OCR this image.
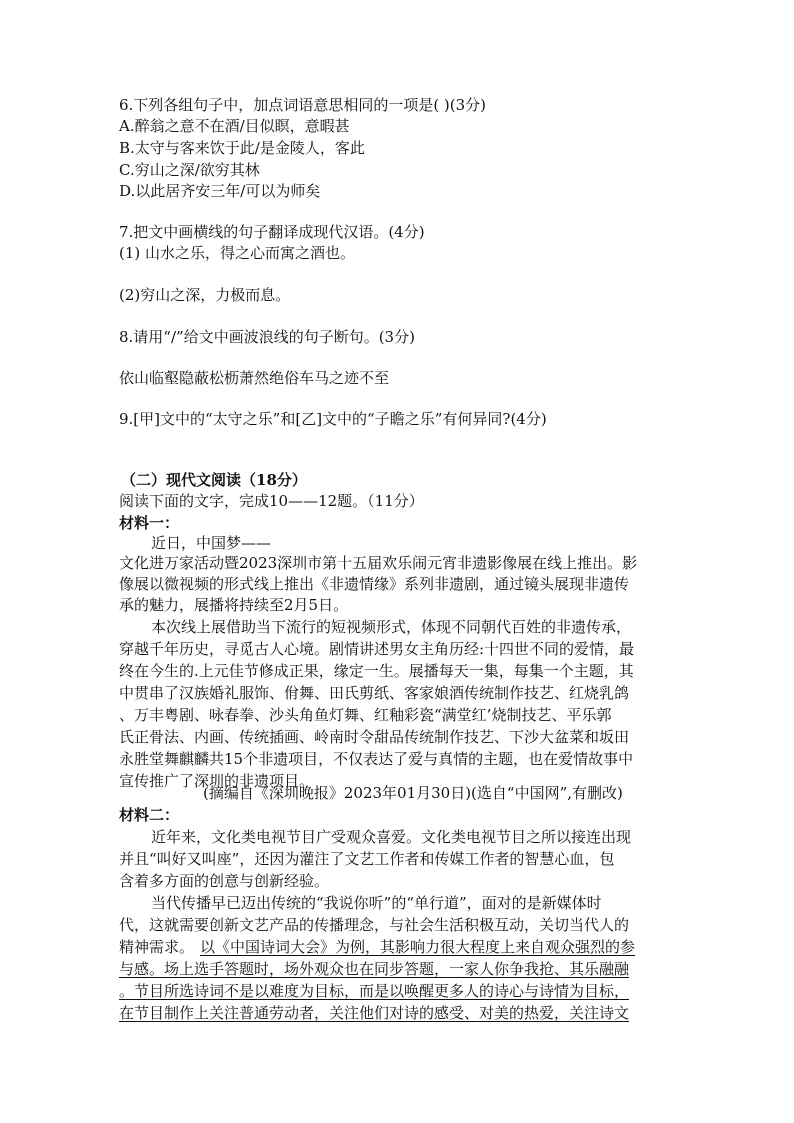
6.下列各组句子中，加点词语意思相同的一项是( )(3分)
A.醉翁之意不在酒/目似瞑，意暇甚
B.太守与客来饮于此/是金陵人，客此
C.穷山之深/欲穷其林
D.以此居齐安三年/可以为师矣
7.把文中画横线的句子翻译成现代汉语。(4分)
(1) 山水之乐，得之心而寓之酒也。
(2)穷山之深，力极而息。
8.请用“/”给文中画波浪线的句子断句。(3分)
依山临壑隐蔽松枥萧然绝俗车马之迹不至
9.[甲]文中的“太守之乐”和[乙]文中的“子瞻之乐”有何异同?(4分)
（二）现代文阅读（18分）
阅读下面的文字，完成10——12题。（11分）
材料一：
近日，中国梦——
文化进万家活动暨2023深圳市第十五届欢乐闹元宵非遗影像展在线上推出。影
像展以微视频的形式线上推出《非遗情缘》系列非遗剧，通过镜头展现非遗传
承的魅力，展播将持续至2月5日。
本次线上展借助当下流行的短视频形式，体现不同朝代百姓的非遗传承，
穿越千年历史，寻觅古人心境。剧情讲述男女主角历经:十四世不同的爱情，最
终在今生的.上元佳节修成正果，缘定一生。展播每天一集，每集一个主题，其
中贯串了汉族婚礼服饰、佾舞、田氏剪纸、客家娘酒传统制作技艺、红烧乳鸽
、万丰粤剧、咏春拳、沙头角鱼灯舞、红釉彩瓷“满堂红’烧制技艺、平乐郭
氏正骨法、内画、传统插画、岭南时令甜品传统制作技艺、下沙大盆菜和坂田
永胜堂舞麒麟共15个非遗项目，不仅表达了爱与真情的主题，也在爱情故事中
宣传推广了深圳的非遗项目。
(摘编自《深圳晚报》2023年01月30日)(选自“中国网”,有删改)
材料二：
近年来，文化类电视节目广受观众喜爱。文化类电视节目之所以接连出现
并且“叫好又叫座”，还因为灌注了文艺工作者和传媒工作者的智慧心血，包
含着多方面的创意与创新经验。
当代传播早已迈出传统的“我说你听”的“单行道”，面对的是新媒体时
代，这就需要创新文艺产品的传播理念，与社会生活积极互动，关切当代人的
精神需求。 以《中国诗词大会》为例，其影响力很大程度上来自观众强烈的参
与感。场上选手答题时，场外观众也在同步答题，一家人你争我抢、其乐融融
。节目所选诗词不是以难度为目标，而是以唤醒更多人的诗心与诗情为目标，
在节目制作上关注普通劳动者，关注他们对诗的感受、对美的热爱，关注诗文
